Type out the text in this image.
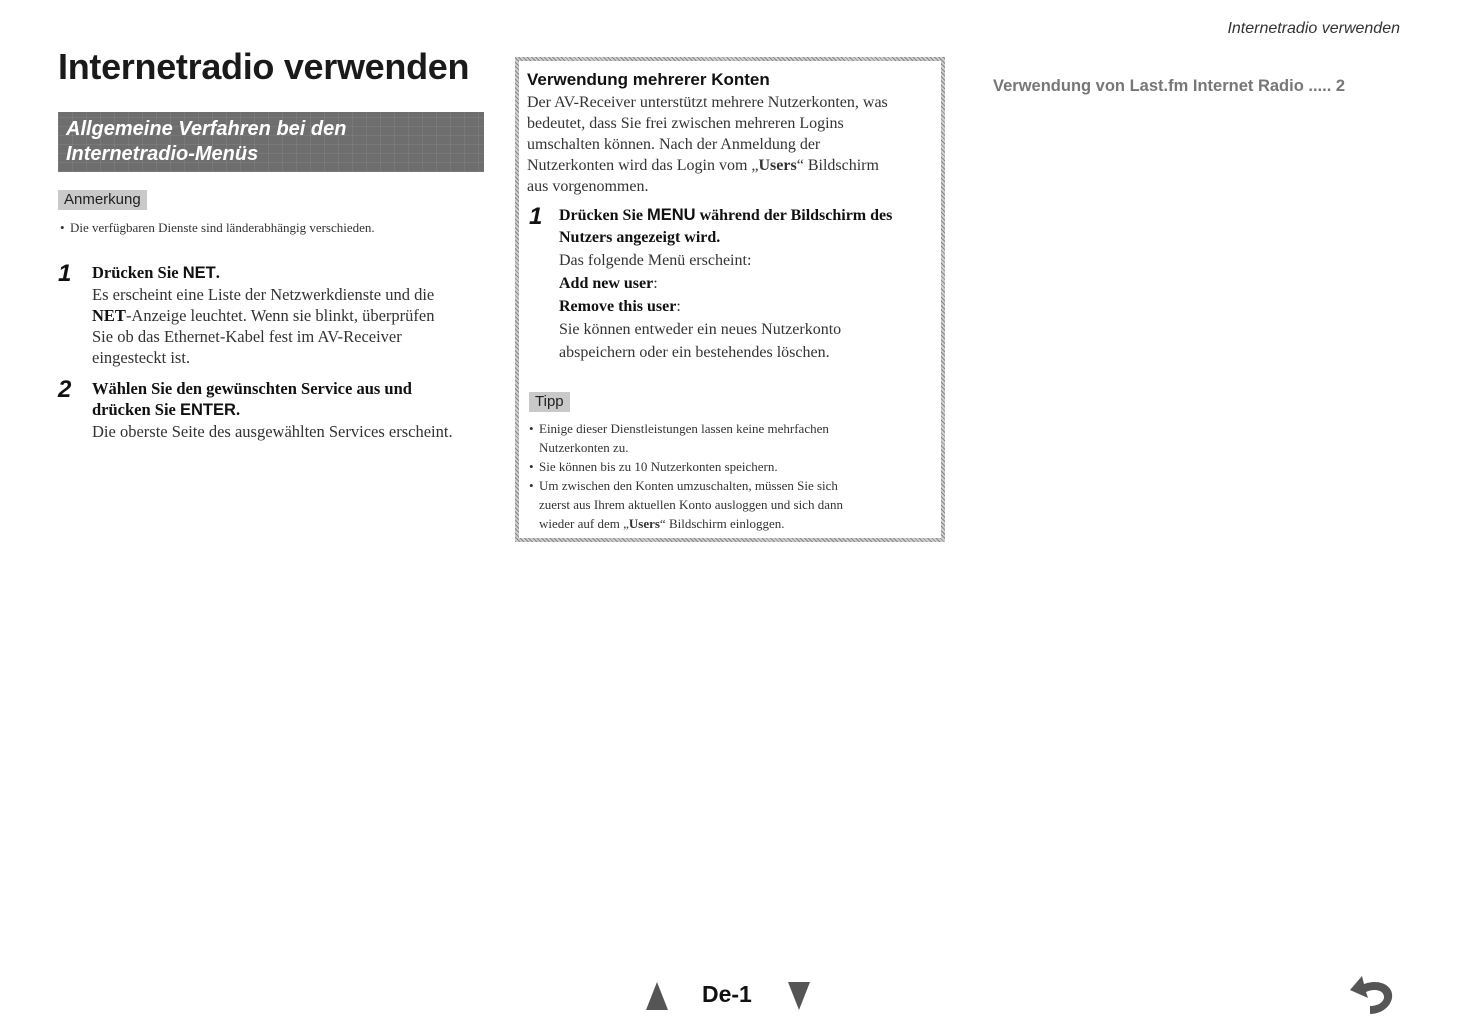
Internetradio verwenden
Internetradio verwenden
Allgemeine Verfahren bei den
Internetradio-Menüs
Anmerkung
• Die verfügbaren Dienste sind länderabhängig verschieden.
1 Drücken Sie NET.
Es erscheint eine Liste der Netzwerkdienste und die
NET-Anzeige leuchtet. Wenn sie blinkt, überprüfen
Sie ob das Ethernet-Kabel fest im AV-Receiver
eingesteckt ist.
2 Wählen Sie den gewünschten Service aus und
drücken Sie ENTER.
Die oberste Seite des ausgewählten Services erscheint.
Verwendung mehrerer Konten
Der AV-Receiver unterstützt mehrere Nutzerkonten, was
bedeutet, dass Sie frei zwischen mehreren Logins
umschalten können. Nach der Anmeldung der
Nutzerkonten wird das Login vom „Users“ Bildschirm
aus vorgenommen.
1 Drücken Sie MENU während der Bildschirm des
Nutzers angezeigt wird.
Das folgende Menü erscheint:
Add new user:
Remove this user:
Sie können entweder ein neues Nutzerkonto
abspeichern oder ein bestehendes löschen.
Tipp
• Einige dieser Dienstleistungen lassen keine mehrfachen
Nutzerkonten zu.
• Sie können bis zu 10 Nutzerkonten speichern.
• Um zwischen den Konten umzuschalten, müssen Sie sich
zuerst aus Ihrem aktuellen Konto ausloggen und sich dann
wieder auf dem „Users“ Bildschirm einloggen.
Verwendung von Last.fm Internet Radio ..... 2
De-1
